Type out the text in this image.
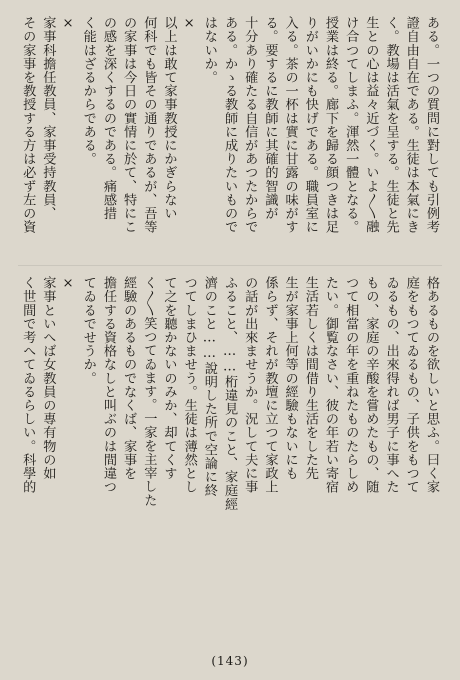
ある。一つの質問に對しても引例考
證自由自在である。生徒は本氣にき
く。教場は活氣を呈する。生徒と先
生との心は益々近づく。いよ〳〵融
け合つてしまふ。渾然一體となる。
授業は終る。廊下を歸る顔つきは足
りがいかにも快げである。職員室に
入る。茶の一杯は實に甘露の味がす
る。要するに教師に其確的智識が
十分あり確たる自信があつたからで
ある。かゝる教師に成りたいもので
はないか。
×
以上は敢て家事教授にかぎらない
何科でも皆その通りであるが、吾等
の家事は今日の實情に於て、特にこ
の感を深くするのである。痛感措
く能はざるからである。
×
家事科擔任教員、家事受持教員、
その家事を教授する方は必ず左の資
格あるものを欲しいと思ふ。曰く家
庭をもつてゐるもの、子供をもつて
ゐるもの、出來得れば男子に事へた
もの、家庭の辛酸を嘗めたもの、随
つて相當の年を重ねたものたらしめ
たい。御覧なさい、彼の年若い寄宿
生活若しくは間借り生活をした先
生が家事上何等の經驗もないにも
係らず、それが教壇に立つて家政上
の話が出來ませうか。況して夫に事
ふること、……桁違見のこと、家庭經
濟のこと……說明した所で空論に終
つてしまひませう。生徒は薄然とし
て之を聽かないのみか、却てくす
く〳〵笑つてゐます。一家を主宰した
經驗のあるものでなくば、家事を
擔任する資格なしと叫ぶのは間違つ
てゐるでせうか。
×
家事といへば女教員の專有物の如
く世間で考へてゐるらしい。科學的
(143)
